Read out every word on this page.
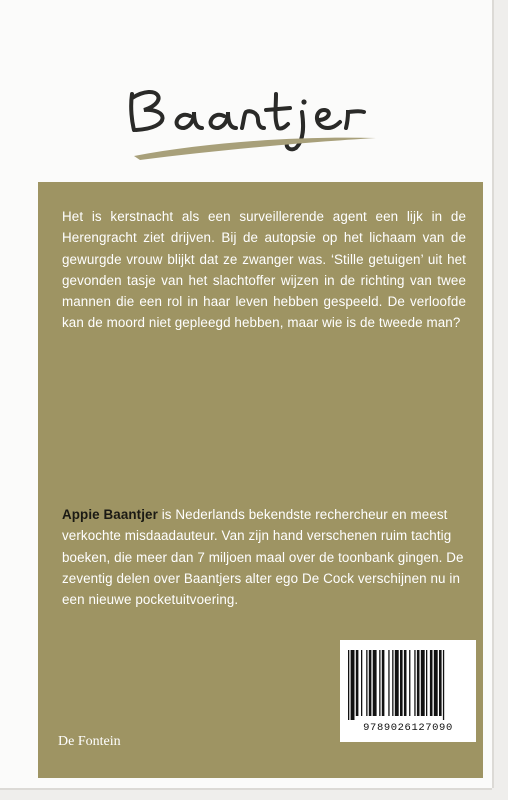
Het is kerstnacht als een surveillerende agent een lijk in de Herengracht ziet drijven. Bij de autopsie op het lichaam van de gewurgde vrouw blijkt dat ze zwanger was. ‘Stille getuigen’ uit het gevonden tasje van het slachtoffer wijzen in de richting van twee mannen die een rol in haar leven hebben gespeeld. De verloofde kan de moord niet gepleegd hebben, maar wie is de tweede man?
Appie Baantjer is Nederlands bekendste rechercheur en meest verkochte misdaadauteur. Van zijn hand verschenen ruim tachtig boeken, die meer dan 7 miljoen maal over de toonbank gingen. De zeventig delen over Baantjers alter ego De Cock verschijnen nu in een nieuwe pocketuitvoering.
De Fontein
9789026127090
